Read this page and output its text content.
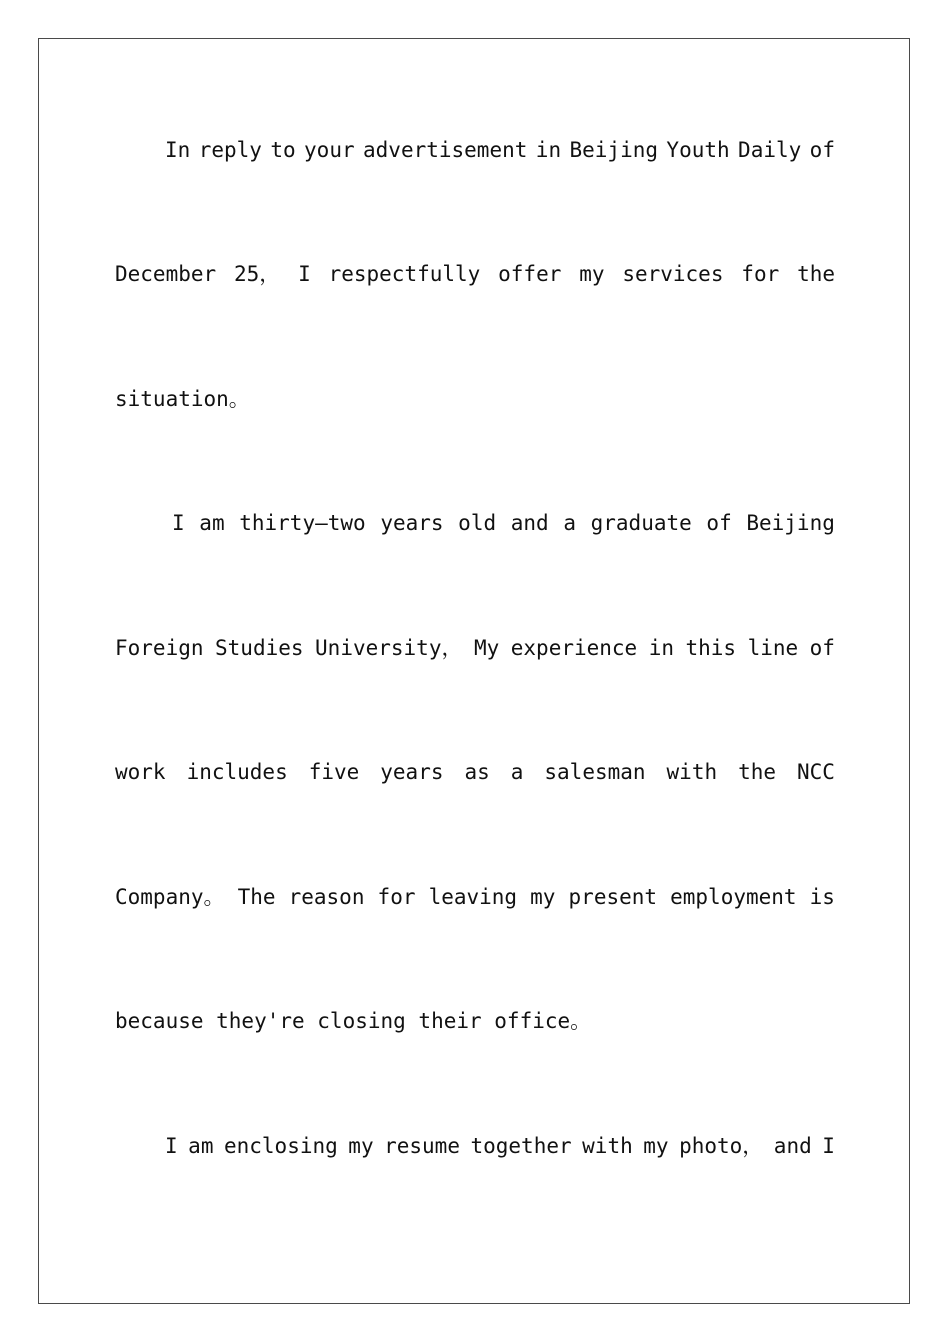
In reply to your advertisement in Beijing Youth Daily of
December 25， I respectfully offer my services for the
situation。
I am thirty—two years old and a graduate of Beijing
Foreign Studies University， My experience in this line of
work includes five years as a salesman with the NCC
Company。 The reason for leaving my present employment is
because they're closing their office。
I am enclosing my resume together with my photo， and I
